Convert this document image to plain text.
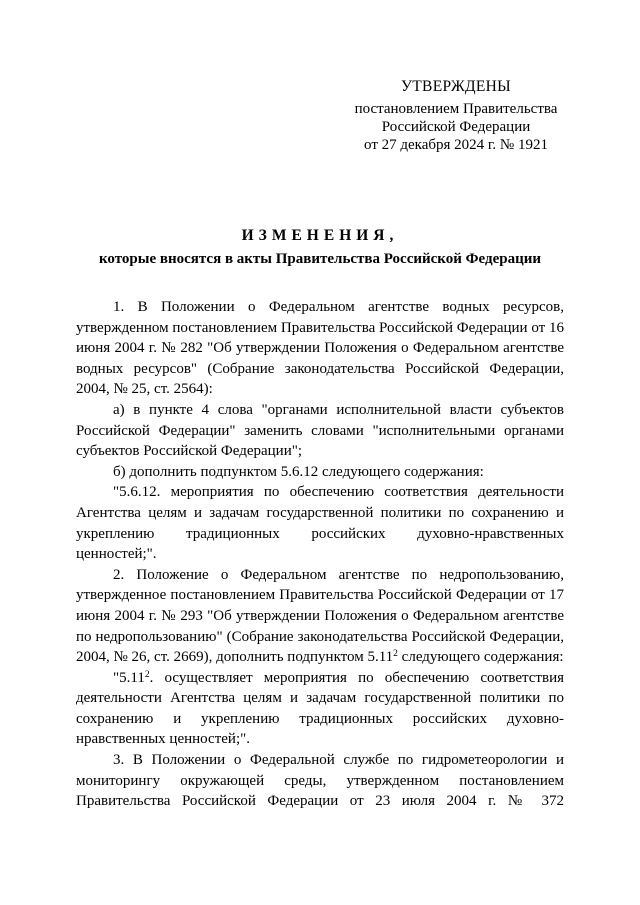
УТВЕРЖДЕНЫ
постановлением Правительства
Российской Федерации
от 27 декабря 2024 г. № 1921
ИЗМЕНЕНИЯ,
которые вносятся в акты Правительства Российской Федерации

1. В Положении о Федеральном агентстве водных ресурсов, утвержденном постановлением Правительства Российской Федерации от 16 июня 2004 г. № 282 "Об утверждении Положения о Федеральном агентстве водных ресурсов" (Собрание законодательства Российской Федерации, 2004, № 25, ст. 2564):

а) в пункте 4 слова "органами исполнительной власти субъектов Российской Федерации" заменить словами "исполнительными органами субъектов Российской Федерации";

б) дополнить подпунктом 5.6.12 следующего содержания:

"5.6.12. мероприятия по обеспечению соответствия деятельности Агентства целям и задачам государственной политики по сохранению и укреплению традиционных российских духовно-нравственных ценностей;".

2. Положение о Федеральном агентстве по недропользованию, утвержденное постановлением Правительства Российской Федерации от 17 июня 2004 г. № 293 "Об утверждении Положения о Федеральном агентстве по недропользованию" (Собрание законодательства Российской Федерации, 2004, № 26, ст. 2669), дополнить подпунктом 5.11$^2$ следующего содержания:

"5.11$^2$. осуществляет мероприятия по обеспечению соответствия деятельности Агентства целям и задачам государственной политики по сохранению и укреплению традиционных российских духовно-нравственных ценностей;".

3. В Положении о Федеральной службе по гидрометеорологии и мониторингу окружающей среды, утвержденном постановлением Правительства Российской Федерации от 23 июля 2004 г. № 372
